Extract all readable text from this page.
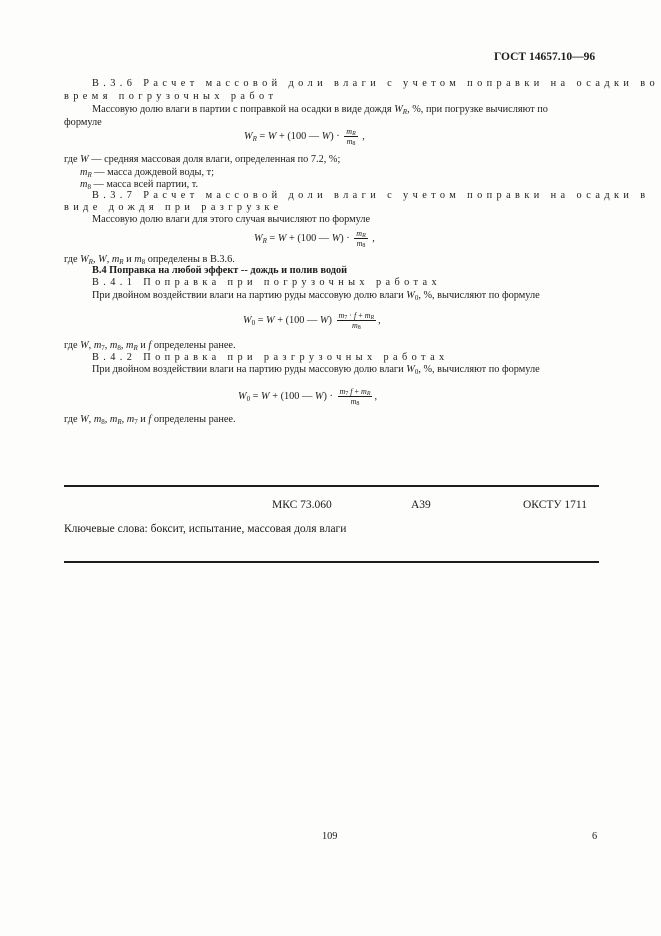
ГОСТ 14657.10—96
В.3.6 Расчет массовой доли влаги с учетом поправки на осадки во
время погрузочных работ
Массовую долю влаги в партии с поправкой на осадки в виде дождя $W_R$, %, при погрузке вычисляют по
формуле
$W_R = W + (100$ — $W) \cdot \frac{m_R}{m_8}$ ,
где W — средняя массовая доля влаги, определенная по 7.2, %;
$m_R$ — масса дождевой воды, т;
$m_8$ — масса всей партии, т.
В.3.7 Расчет массовой доли влаги с учетом поправки на осадки в
виде дождя при разгрузке
Массовую долю влаги для этого случая вычисляют по формуле
$W_R = W + (100$ — $W) \cdot \frac{m_R}{m_8}$ ,
где $W_R$, W, $m_R$ и $m_8$ определены в В.3.6.
В.4 Поправка на любой эффект -- дождь и полив водой
В.4.1 Поправка при погрузочных работах
При двойном воздействии влаги на партию руды массовую долю влаги $W_0$, %, вычисляют по формуле
$W_0 = W + (100$ — $W) \frac{m_7 \cdot f + m_R}{m_8}$ ,
где W, $m_7$, $m_8$, $m_R$ и f определены ранее.
В.4.2 Поправка при разгрузочных работах
При двойном воздействии влаги на партию руды массовую долю влаги $W_0$, %, вычисляют по формуле
$W_0 = W + (100$ — $W) \cdot \frac{m_7 f + m_R}{m_8}$ ,
где W, $m_8$, $m_R$, $m_7$ и f определены ранее.
МКС 73.060	А39	ОКСТУ 1711
Ключевые слова: боксит, испытание, массовая доля влаги
109	6
